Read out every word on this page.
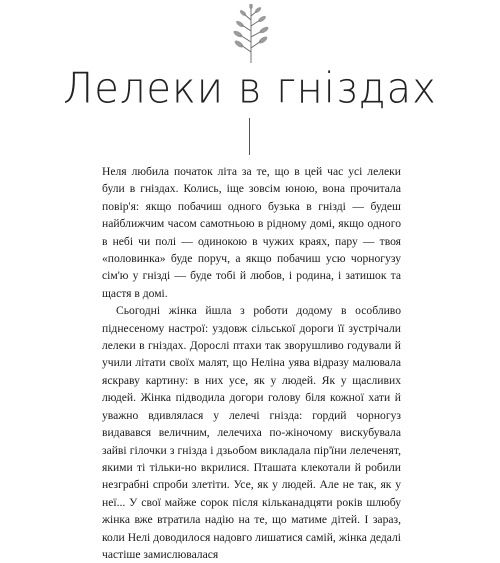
Лелеки в гніздах

Неля любила початок літа за те, що в цей час усі лелеки були в гніздах. Колись, іще зовсім юною, вона прочитала повір'я: якщо побачиш одного бузька в гнізді — будеш найближчим часом самотньою в рідному домі, якщо одного в небі чи полі — одинокою в чужих краях, пару — твоя «половинка» буде поруч, а якщо побачиш усю чорногузу сім'ю у гнізді — буде тобі й любов, і родина, і затишок та щастя в домі.

Сьогодні жінка йшла з роботи додому в особливо піднесеному настрої: уздовж сільської дороги її зустрічали лелеки в гніздах. Дорослі птахи так зворушливо годували й учили літати своїх малят, що Неліна уява відразу малювала яскраву картину: в них усе, як у людей. Як у щасливих людей. Жінка підводила догори голову біля кожної хати й уважно вдивлялася у лелечі гнізда: гордий чорногуз видавався величним, лелечиха по-жіночому вискубувала зайві гілочки з гнізда і дзьобом викладала пір'їни лелеченят, якими ті тільки-но вкрилися. Пташата клекотали й робили незграбні спроби злетіти. Усе, як у людей. Але не так, як у неї... У свої майже сорок після кільканадцяти років шлюбу жінка вже втратила надію на те, що матиме дітей. І зараз, коли Нелі доводилося надовго лишатися самій, жінка дедалі частіше замислювалася
